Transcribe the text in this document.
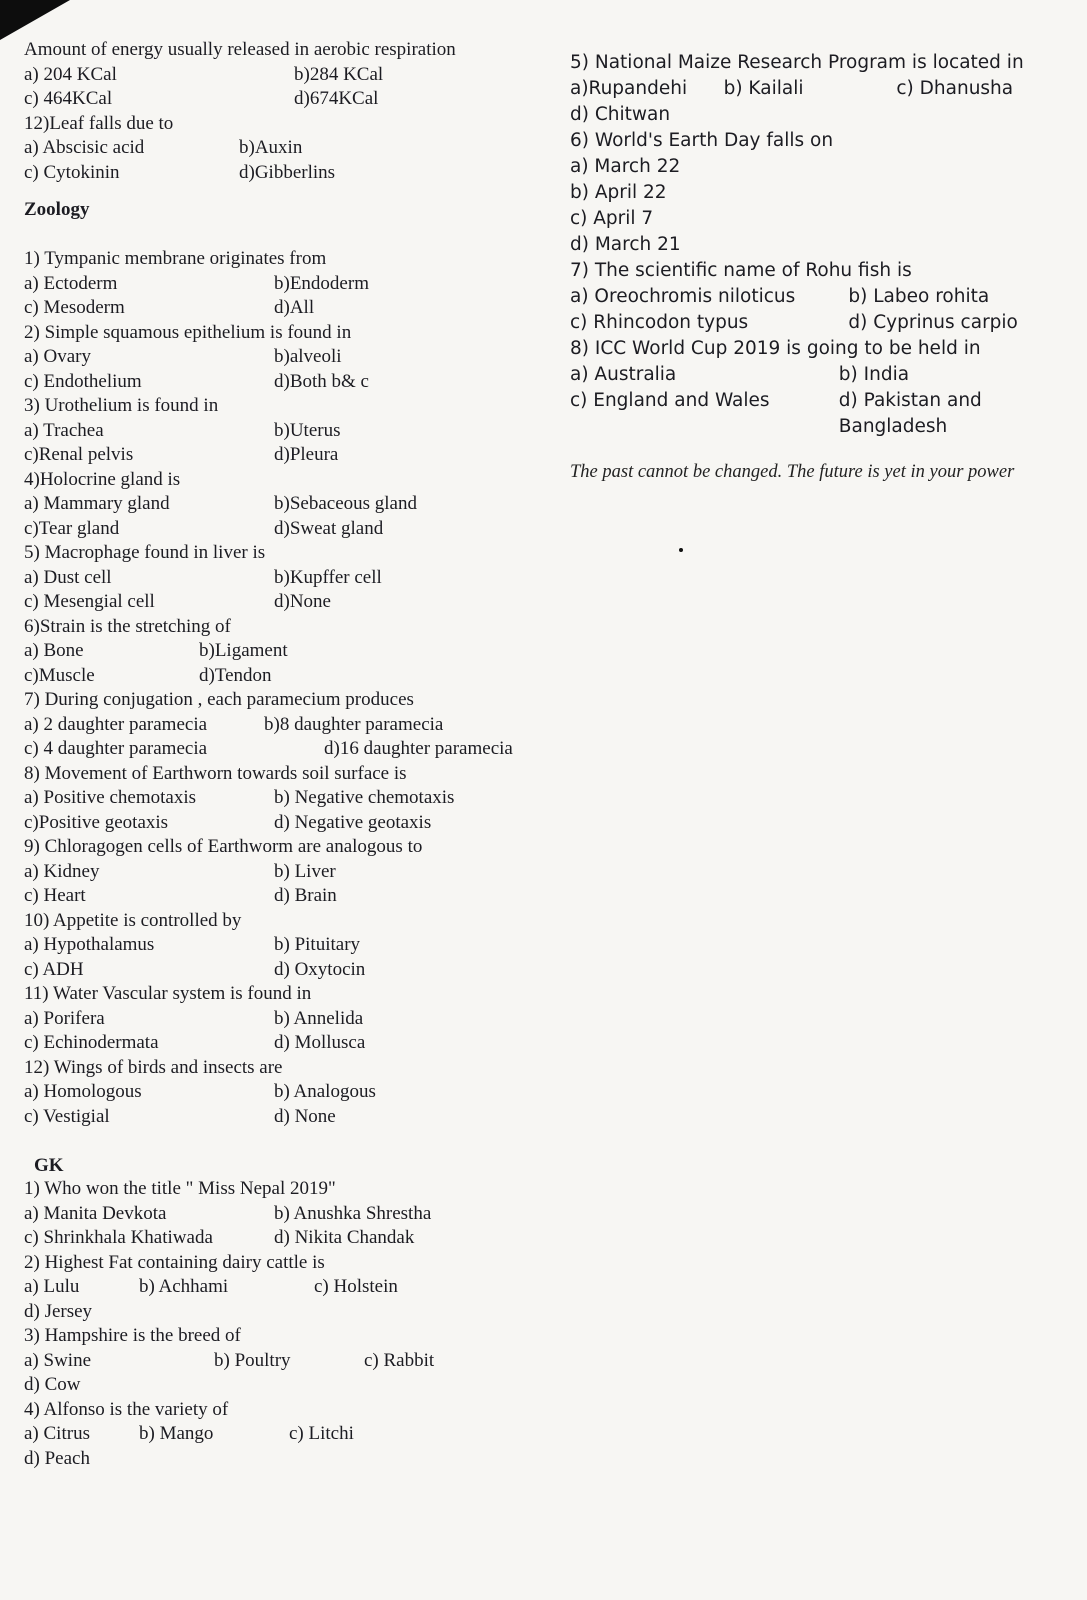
Amount of energy usually released in aerobic respiration
a) 204 KCal	b)284 KCal
c) 464KCal	d)674KCal
12)Leaf falls due to
a) Abscisic acid	b)Auxin
c) Cytokinin	d)Gibberlins
Zoology
1) Tympanic membrane originates from
a) Ectoderm	b)Endoderm
c) Mesoderm	d)All
2) Simple squamous epithelium is found in
a) Ovary	b)alveoli
c) Endothelium	d)Both b& c
3) Urothelium is found in
a) Trachea	b)Uterus
c)Renal pelvis	d)Pleura
4)Holocrine gland is
a) Mammary gland	b)Sebaceous gland
c)Tear gland	d)Sweat gland
5) Macrophage found in liver is
a) Dust cell	b)Kupffer cell
c) Mesengial cell	d)None
6)Strain is the stretching of
a) Bone	b)Ligament
c)Muscle	d)Tendon
7) During conjugation , each paramecium produces
a) 2 daughter paramecia	b)8 daughter paramecia
c) 4 daughter paramecia	d)16 daughter paramecia
8) Movement of Earthworn towards soil surface is
a) Positive chemotaxis	b) Negative chemotaxis
c)Positive geotaxis	d) Negative geotaxis
9) Chloragogen cells of Earthworm are analogous to
a) Kidney	b) Liver
c) Heart	d) Brain
10) Appetite is controlled by
a) Hypothalamus	b) Pituitary
c) ADH	d) Oxytocin
11) Water Vascular system is found in
a) Porifera	b) Annelida
c) Echinodermata	d) Mollusca
12) Wings of birds and insects are
a) Homologous	b) Analogous
c) Vestigial	d) None
GK
1) Who won the title " Miss Nepal 2019"
a) Manita Devkota	b) Anushka Shrestha
c) Shrinkhala Khatiwada	d) Nikita Chandak
2) Highest Fat containing dairy cattle is
a) Lulu	b) Achhami	c) Holstein
d) Jersey
3) Hampshire is the breed of
a) Swine	b) Poultry	c) Rabbit
d) Cow
4) Alfonso is the variety of
a) Citrus	b) Mango	c) Litchi
d) Peach
5) National Maize Research Program is located in
a)Rupandehi	b) Kailali	c) Dhanusha
d) Chitwan
6) World's Earth Day falls on
a) March 22
b) April 22
c) April 7
d) March 21
7) The scientific name of Rohu fish is
a) Oreochromis niloticus	b) Labeo rohita
c) Rhincodon typus	d) Cyprinus carpio
8) ICC World Cup 2019 is going to be held in
a) Australia	b) India
c) England and Wales	d) Pakistan and Bangladesh
The past cannot be changed. The future is yet in your power
